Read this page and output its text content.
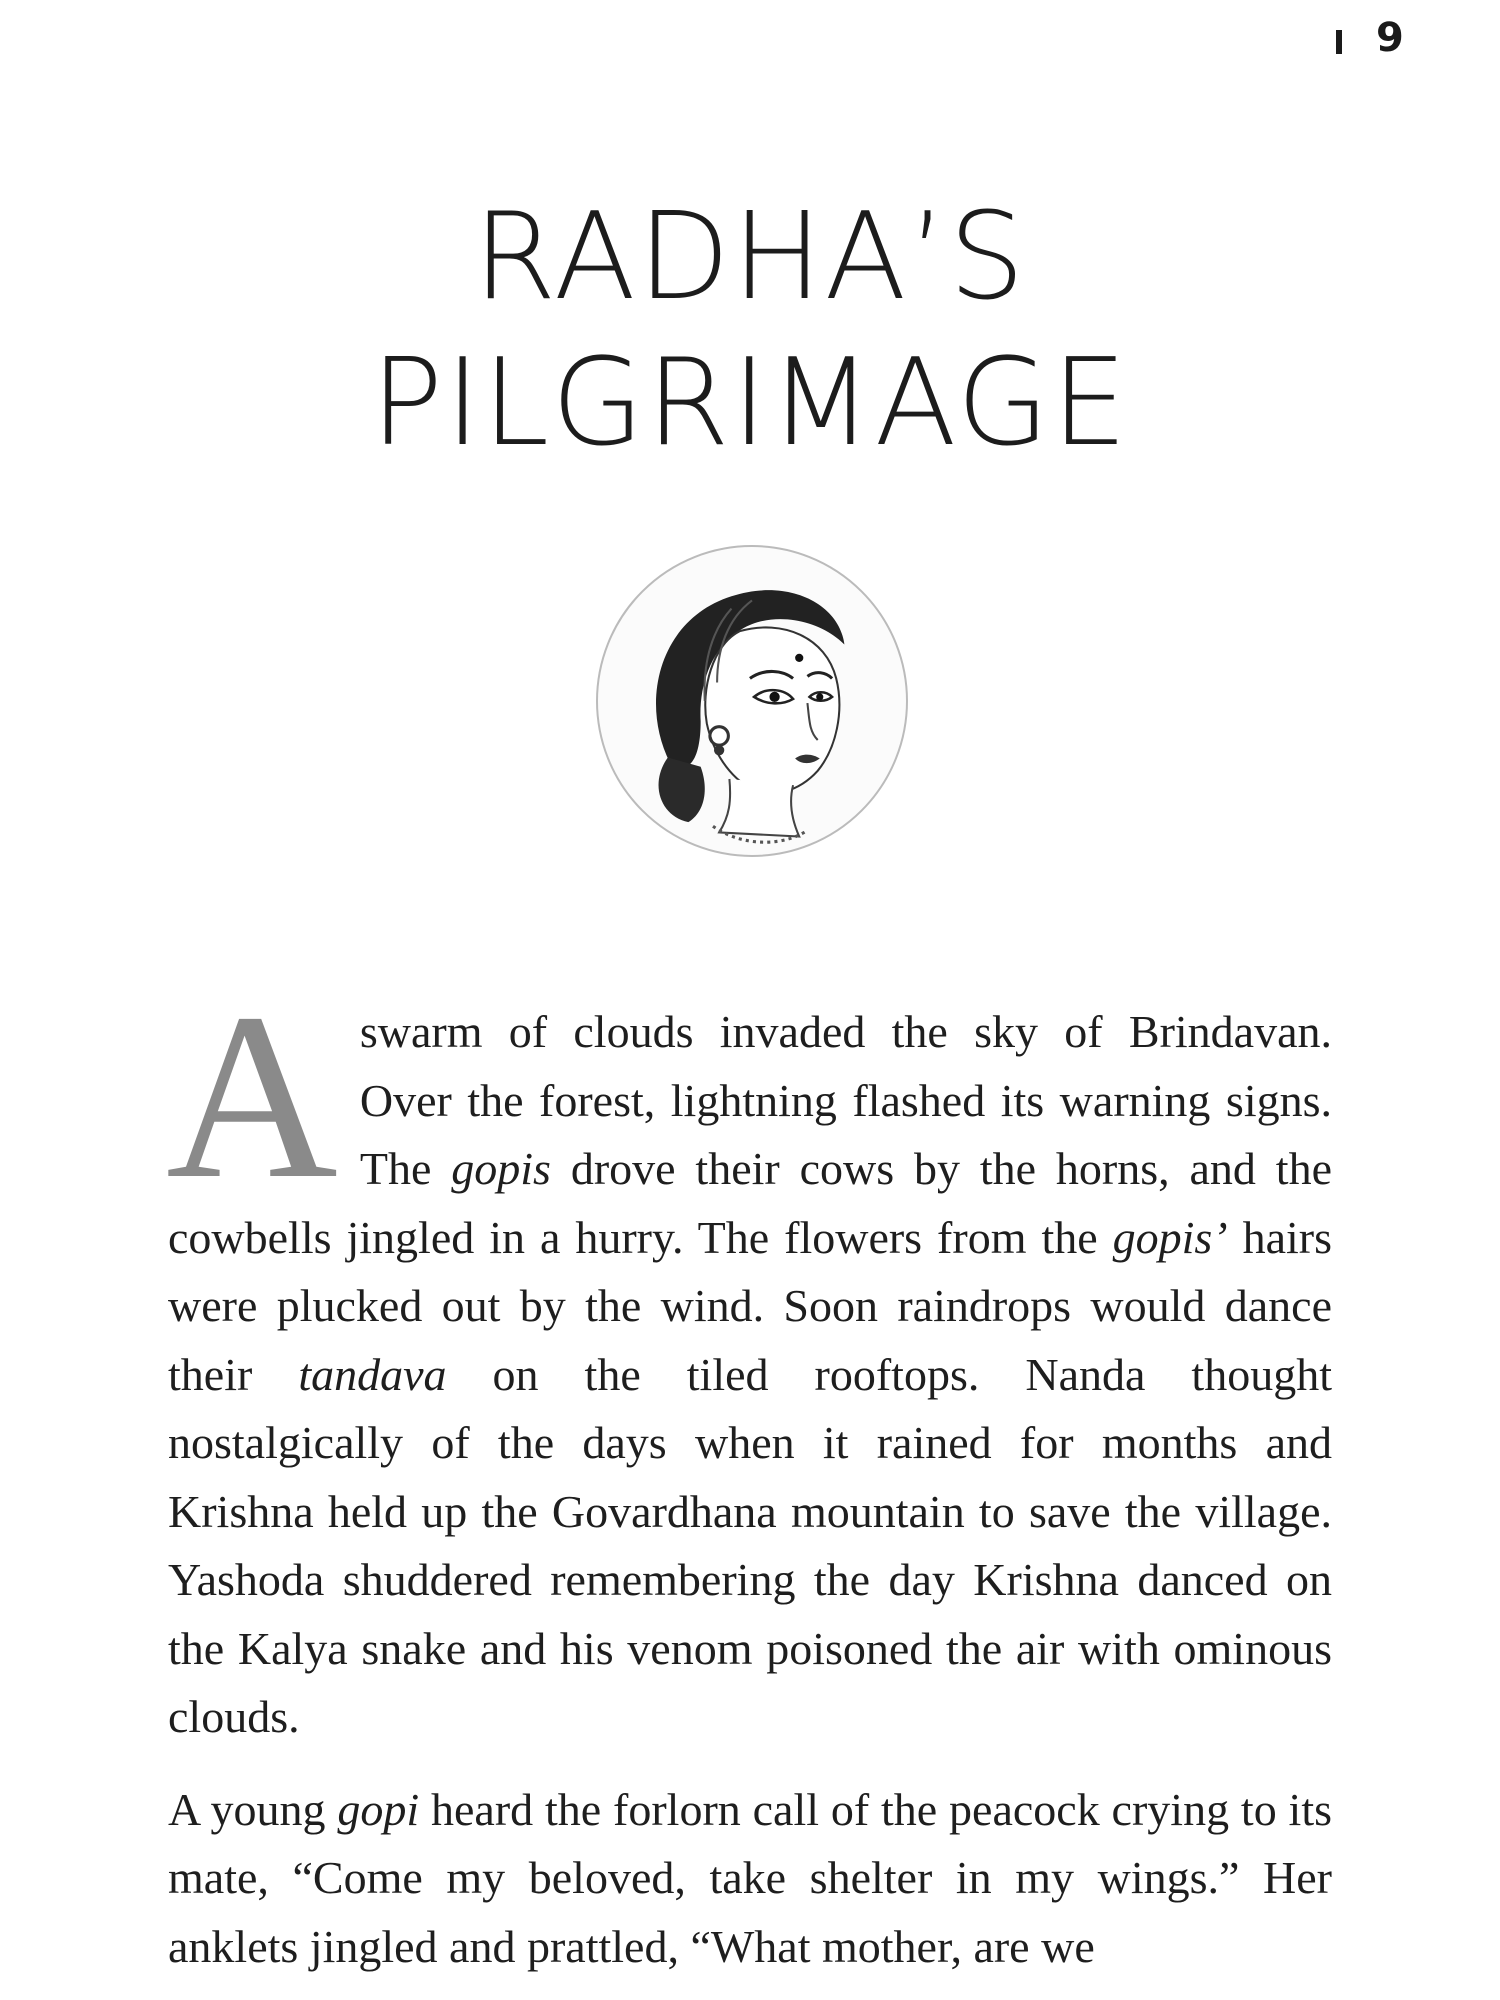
9
RADHA’S
PILGRIMAGE

A swarm of clouds invaded the sky of Brindavan. Over the forest, lightning flashed its warning signs. The gopis drove their cows by the horns, and the cowbells jingled in a hurry. The flowers from the gopis’ hairs were plucked out by the wind. Soon raindrops would dance their tandava on the tiled rooftops. Nanda thought nostalgically of the days when it rained for months and Krishna held up the Govardhana mountain to save the village. Yashoda shuddered remembering the day Krishna danced on the Kalya snake and his venom poisoned the air with ominous clouds.

A young gopi heard the forlorn call of the peacock crying to its mate, “Come my beloved, take shelter in my wings.” Her anklets jingled and prattled, “What mother, are we
